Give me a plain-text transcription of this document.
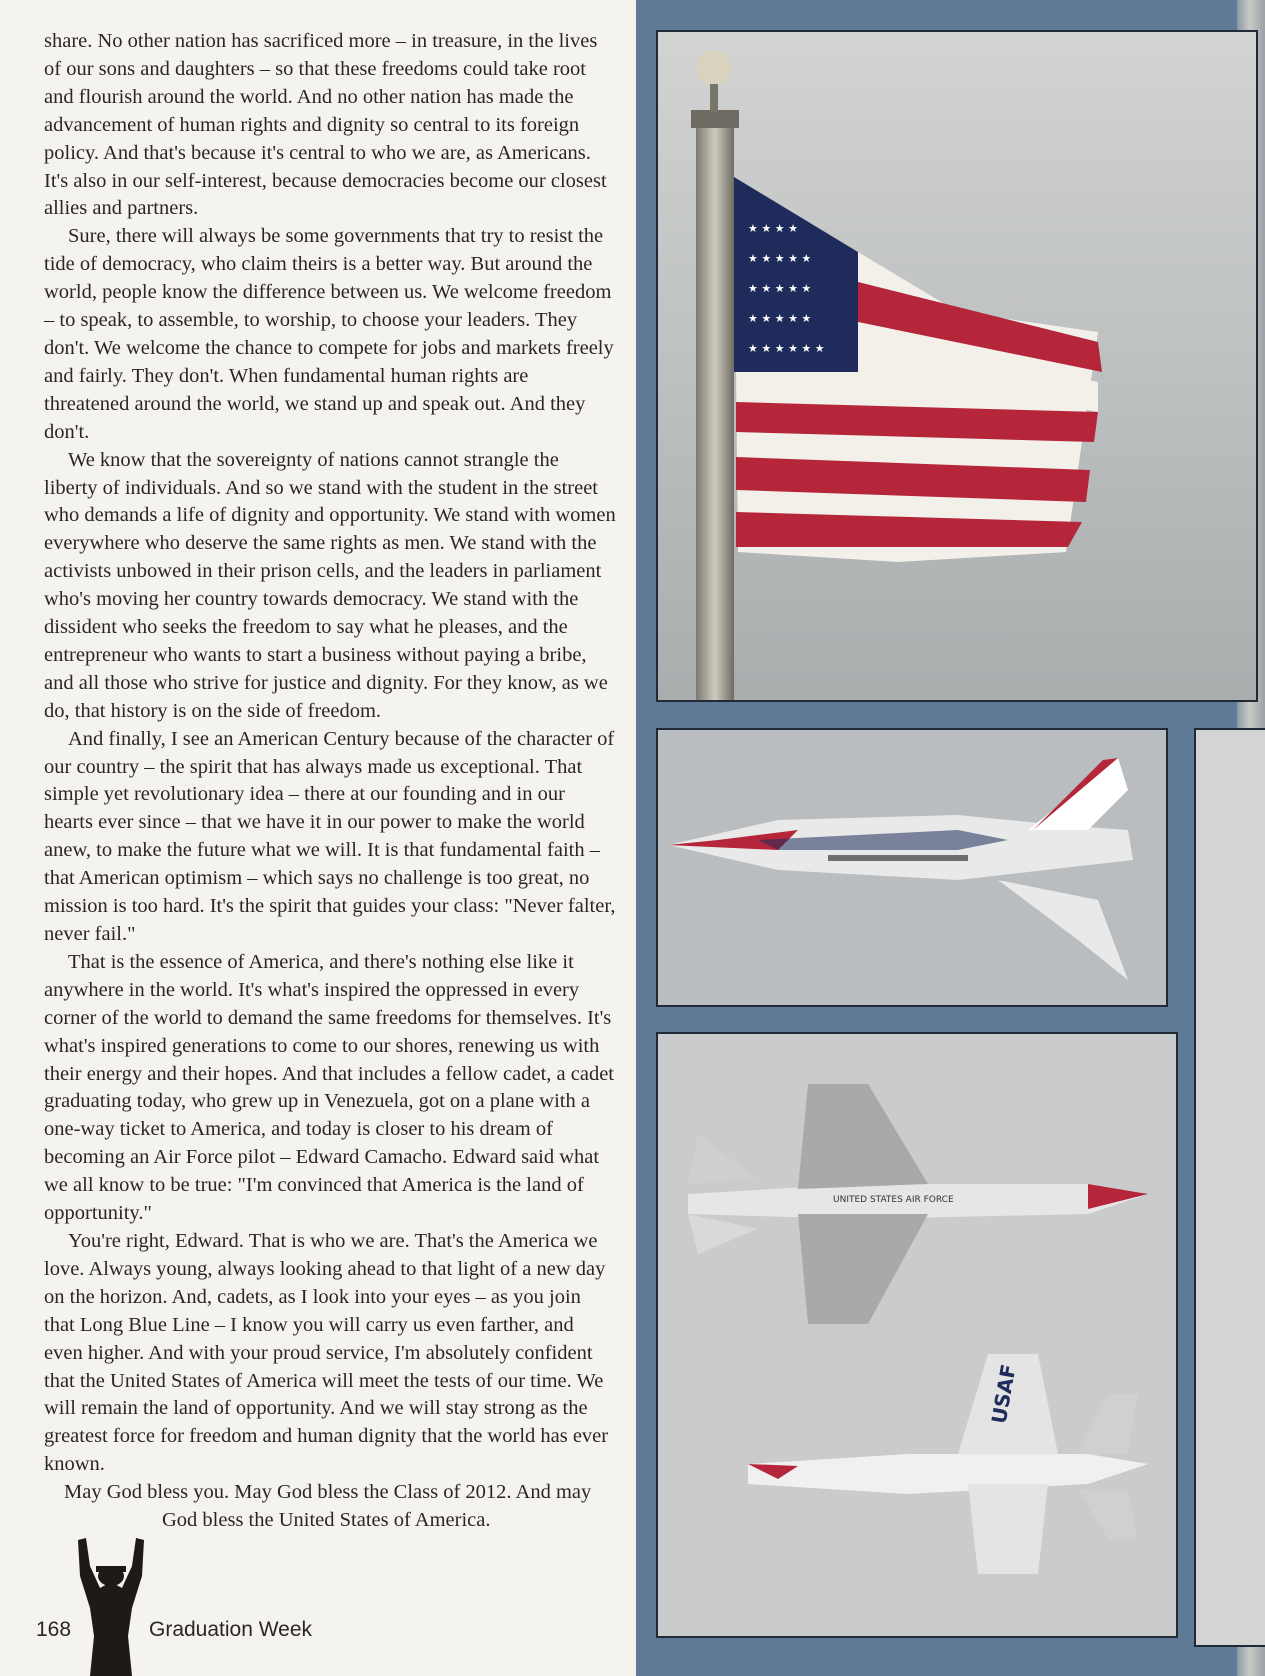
share. No other nation has sacrificed more – in treasure, in the lives of our sons and daughters – so that these freedoms could take root and flourish around the world. And no other nation has made the advancement of human rights and dignity so central to its foreign policy. And that's because it's central to who we are, as Americans. It's also in our self-interest, because democracies become our closest allies and partners.

Sure, there will always be some governments that try to resist the tide of democracy, who claim theirs is a better way. But around the world, people know the difference between us. We welcome freedom – to speak, to assemble, to worship, to choose your leaders. They don't. We welcome the chance to compete for jobs and markets freely and fairly. They don't. When fundamental human rights are threatened around the world, we stand up and speak out. And they don't.

We know that the sovereignty of nations cannot strangle the liberty of individuals. And so we stand with the student in the street who demands a life of dignity and opportunity. We stand with women everywhere who deserve the same rights as men. We stand with the activists unbowed in their prison cells, and the leaders in parliament who's moving her country towards democracy. We stand with the dissident who seeks the freedom to say what he pleases, and the entrepreneur who wants to start a business without paying a bribe, and all those who strive for justice and dignity. For they know, as we do, that history is on the side of freedom.

And finally, I see an American Century because of the character of our country – the spirit that has always made us exceptional. That simple yet revolutionary idea – there at our founding and in our hearts ever since – that we have it in our power to make the world anew, to make the future what we will. It is that fundamental faith – that American optimism – which says no challenge is too great, no mission is too hard. It's the spirit that guides your class: "Never falter, never fail."

That is the essence of America, and there's nothing else like it anywhere in the world. It's what's inspired the oppressed in every corner of the world to demand the same freedoms for themselves. It's what's inspired generations to come to our shores, renewing us with their energy and their hopes. And that includes a fellow cadet, a cadet graduating today, who grew up in Venezuela, got on a plane with a one-way ticket to America, and today is closer to his dream of becoming an Air Force pilot – Edward Camacho. Edward said what we all know to be true: "I'm convinced that America is the land of opportunity."

You're right, Edward. That is who we are. That's the America we love. Always young, always looking ahead to that light of a new day on the horizon. And, cadets, as I look into your eyes – as you join that Long Blue Line – I know you will carry us even farther, and even higher. And with your proud service, I'm absolutely confident that the United States of America will meet the tests of our time. We will remain the land of opportunity. And we will stay strong as the greatest force for freedom and human dignity that the world has ever known.

May God bless you. May God bless the Class of 2012. And may

God bless the United States of America.

168	Graduation Week
★ ★ ★ ★
★ ★ ★ ★ ★
★ ★ ★ ★ ★
★ ★ ★ ★ ★
★ ★ ★ ★ ★ ★
UNITED STATES AIR FORCE
USAF
